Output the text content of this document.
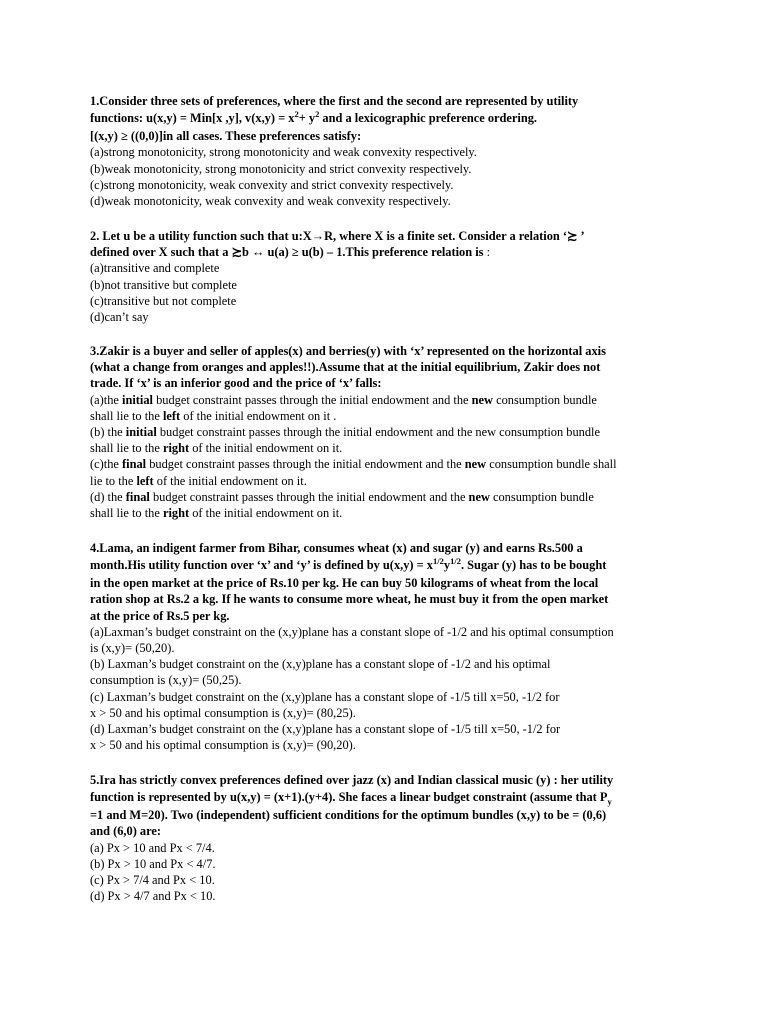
1.Consider three sets of preferences, where the first and the second are represented by utility
functions: u(x,y) = Min[x ,y], $v(x,y) = x^2+ y^2$ and a lexicographic preference ordering.
[(x,y) ≥ ((0,0)]in all cases. These preferences satisfy:

(a)strong monotonicity, strong monotonicity and weak convexity respectively.

(b)weak monotonicity, strong monotonicity and strict convexity respectively.

(c)strong monotonicity, weak convexity and strict convexity respectively.

(d)weak monotonicity, weak convexity and weak convexity respectively.

2. Let u be a utility function such that u:X→R, where X is a finite set. Consider a relation ‘≿ ’
defined over X such that a ≿b ↔ u(a) ≥ u(b) – 1.This preference relation is :

(a)transitive and complete

(b)not transitive but complete

(c)transitive but not complete

(d)can’t say

3.Zakir is a buyer and seller of apples(x) and berries(y) with ‘x’ represented on the horizontal axis
(what a change from oranges and apples!!).Assume that at the initial equilibrium, Zakir does not
trade. If ‘x’ is an inferior good and the price of ‘x’ falls:

(a)the initial budget constraint passes through the initial endowment and the new consumption bundle
shall lie to the left of the initial endowment on it .

(b) the initial budget constraint passes through the initial endowment and the new consumption bundle
shall lie to the right of the initial endowment on it.

(c)the final budget constraint passes through the initial endowment and the new consumption bundle shall
lie to the left of the initial endowment on it.

(d) the final budget constraint passes through the initial endowment and the new consumption bundle
shall lie to the right of the initial endowment on it.

4.Lama, an indigent farmer from Bihar, consumes wheat (x) and sugar (y) and earns Rs.500 a
month.His utility function over ‘x’ and ‘y’ is defined by $u(x,y) = x^{1/2}y^{1/2}$. Sugar (y) has to be bought
in the open market at the price of Rs.10 per kg. He can buy 50 kilograms of wheat from the local
ration shop at Rs.2 a kg. If he wants to consume more wheat, he must buy it from the open market
at the price of Rs.5 per kg.

(a)Laxman’s budget constraint on the (x,y)plane has a constant slope of -1/2 and his optimal consumption
is (x,y)= (50,20).

(b) Laxman’s budget constraint on the (x,y)plane has a constant slope of -1/2 and his optimal
consumption is (x,y)= (50,25).

(c) Laxman’s budget constraint on the (x,y)plane has a constant slope of -1/5 till x=50, -1/2 for
x > 50 and his optimal consumption is (x,y)= (80,25).

(d) Laxman’s budget constraint on the (x,y)plane has a constant slope of -1/5 till x=50, -1/2 for
x > 50 and his optimal consumption is (x,y)= (90,20).

5.Ira has strictly convex preferences defined over jazz (x) and Indian classical music (y) : her utility
function is represented by u(x,y) = (x+1).(y+4). She faces a linear budget constraint (assume that $P_y$
=1 and M=20). Two (independent) sufficient conditions for the optimum bundles (x,y) to be = (0,6)
and (6,0) are:

(a) Px > 10 and Px < 7/4.

(b) Px > 10 and Px < 4/7.

(c) Px > 7/4 and Px < 10.

(d) Px > 4/7 and Px < 10.
